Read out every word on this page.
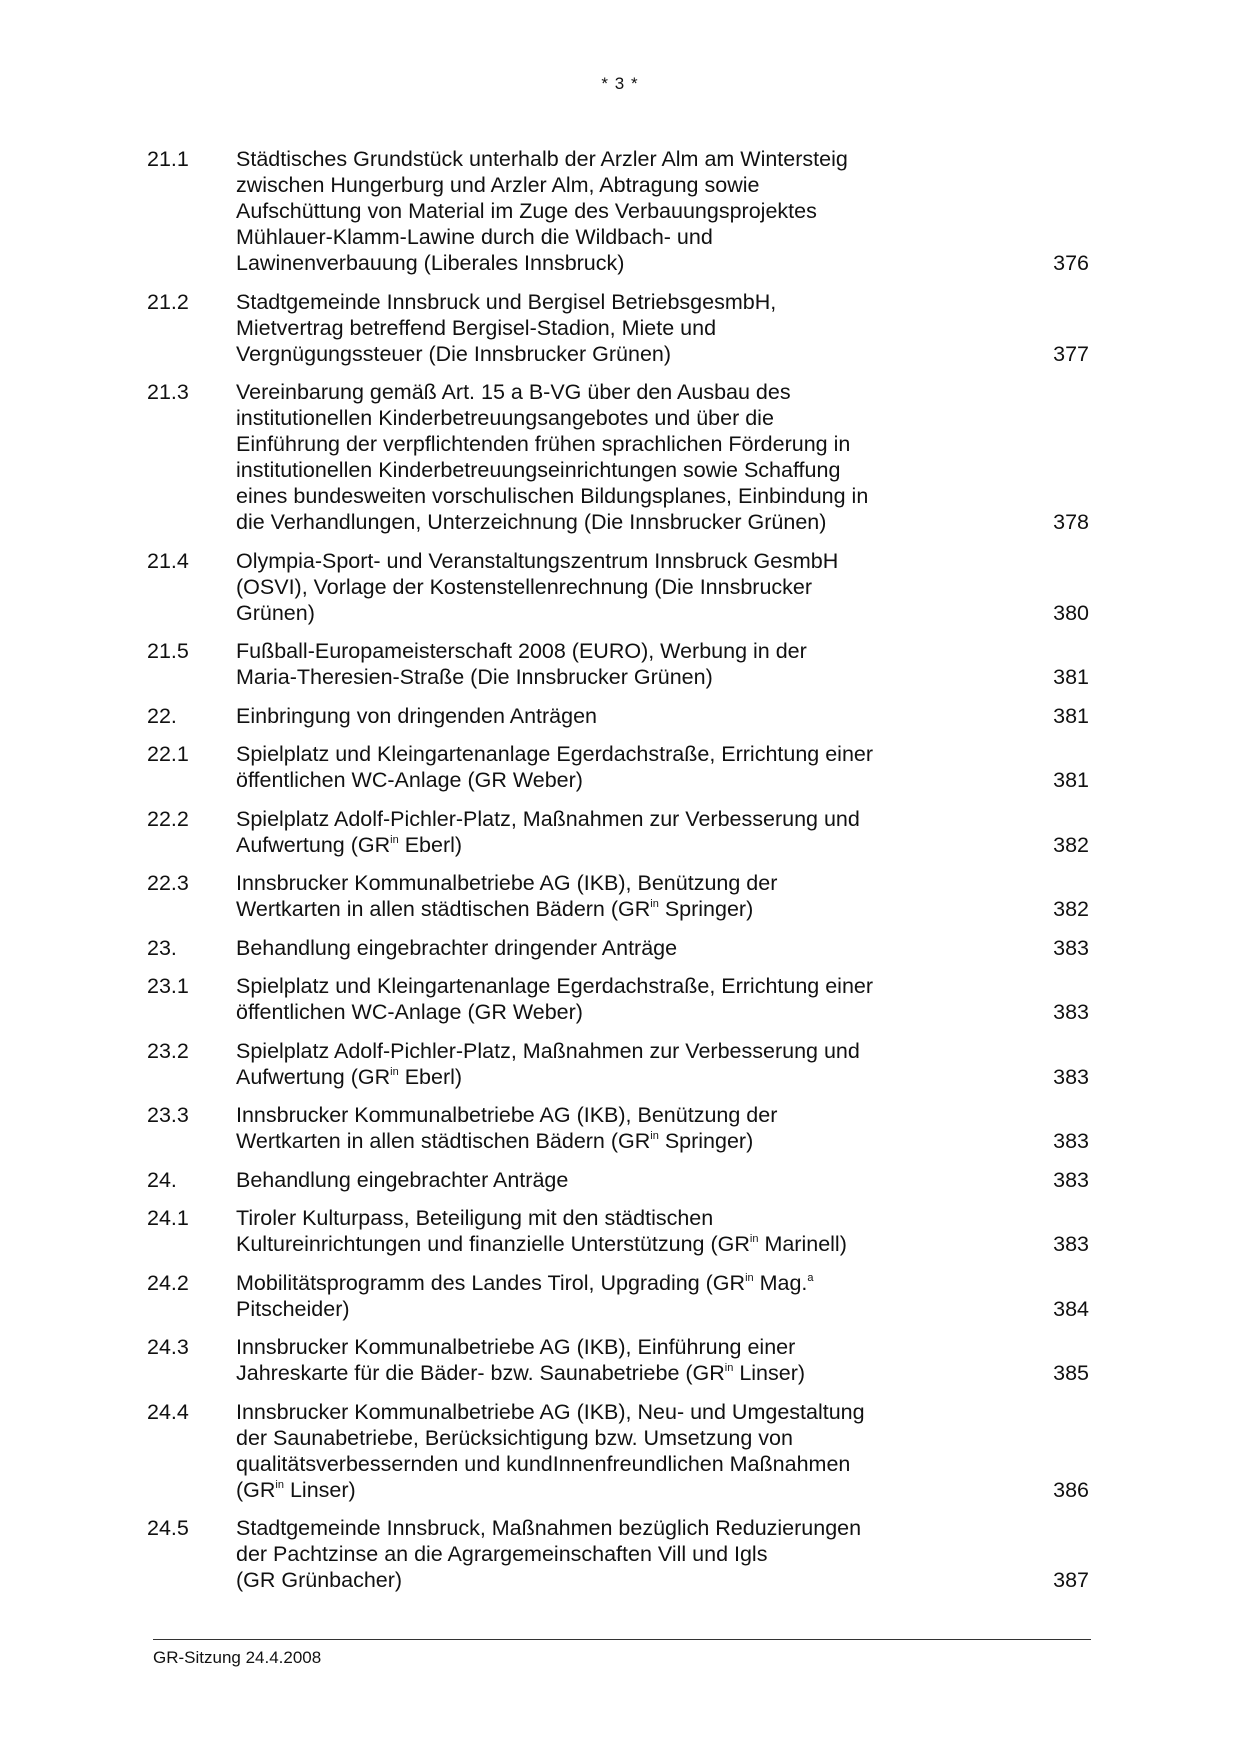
* 3 *
21.1	Städtisches Grundstück unterhalb der Arzler Alm am Wintersteig
zwischen Hungerburg und Arzler Alm, Abtragung sowie
Aufschüttung von Material im Zuge des Verbauungsprojektes
Mühlauer-Klamm-Lawine durch die Wildbach- und
Lawinenverbauung (Liberales Innsbruck)	376
21.2	Stadtgemeinde Innsbruck und Bergisel BetriebsgesmbH,
Mietvertrag betreffend Bergisel-Stadion, Miete und
Vergnügungssteuer (Die Innsbrucker Grünen)	377
21.3	Vereinbarung gemäß Art. 15 a B-VG über den Ausbau des
institutionellen Kinderbetreuungsangebotes und über die
Einführung der verpflichtenden frühen sprachlichen Förderung in
institutionellen Kinderbetreuungseinrichtungen sowie Schaffung
eines bundesweiten vorschulischen Bildungsplanes, Einbindung in
die Verhandlungen, Unterzeichnung (Die Innsbrucker Grünen)	378
21.4	Olympia-Sport- und Veranstaltungszentrum Innsbruck GesmbH
(OSVI), Vorlage der Kostenstellenrechnung (Die Innsbrucker
Grünen)	380
21.5	Fußball-Europameisterschaft 2008 (EURO), Werbung in der
Maria-Theresien-Straße (Die Innsbrucker Grünen)	381
22.	Einbringung von dringenden Anträgen	381
22.1	Spielplatz und Kleingartenanlage Egerdachstraße, Errichtung einer
öffentlichen WC-Anlage (GR Weber)	381
22.2	Spielplatz Adolf-Pichler-Platz, Maßnahmen zur Verbesserung und
Aufwertung ($GR^{in}$ Eberl)	382
22.3	Innsbrucker Kommunalbetriebe AG (IKB), Benützung der
Wertkarten in allen städtischen Bädern ($GR^{in}$ Springer)	382
23.	Behandlung eingebrachter dringender Anträge	383
23.1	Spielplatz und Kleingartenanlage Egerdachstraße, Errichtung einer
öffentlichen WC-Anlage (GR Weber)	383
23.2	Spielplatz Adolf-Pichler-Platz, Maßnahmen zur Verbesserung und
Aufwertung ($GR^{in}$ Eberl)	383
23.3	Innsbrucker Kommunalbetriebe AG (IKB), Benützung der
Wertkarten in allen städtischen Bädern ($GR^{in}$ Springer)	383
24.	Behandlung eingebrachter Anträge	383
24.1	Tiroler Kulturpass, Beteiligung mit den städtischen
Kultureinrichtungen und finanzielle Unterstützung ($GR^{in}$ Marinell)	383
24.2	Mobilitätsprogramm des Landes Tirol, Upgrading ($GR^{in}$ Mag.$^a$
Pitscheider)	384
24.3	Innsbrucker Kommunalbetriebe AG (IKB), Einführung einer
Jahreskarte für die Bäder- bzw. Saunabetriebe ($GR^{in}$ Linser)	385
24.4	Innsbrucker Kommunalbetriebe AG (IKB), Neu- und Umgestaltung
der Saunabetriebe, Berücksichtigung bzw. Umsetzung von
qualitätsverbessernden und kundInnenfreundlichen Maßnahmen
($GR^{in}$ Linser)	386
24.5	Stadtgemeinde Innsbruck, Maßnahmen bezüglich Reduzierungen
der Pachtzinse an die Agrargemeinschaften Vill und Igls
(GR Grünbacher)	387
GR-Sitzung 24.4.2008
